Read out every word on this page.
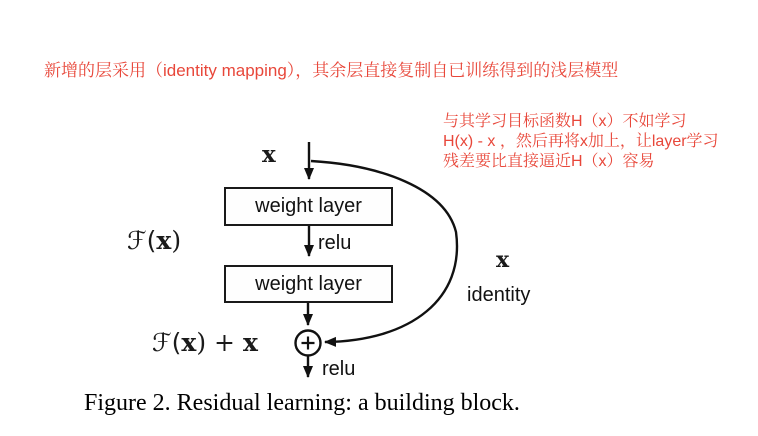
新增的层采用（identity mapping），其余层直接复制自已训练得到的浅层模型
与其学习目标函数H（x）不如学习
H(x) - x ，然后再将x加上，让layer学习
残差要比直接逼近H（x）容易
x
weight layer
relu
ℱ(x)
weight layer
x
identity
ℱ(x) + x
relu
Figure 2. Residual learning: a building block.
